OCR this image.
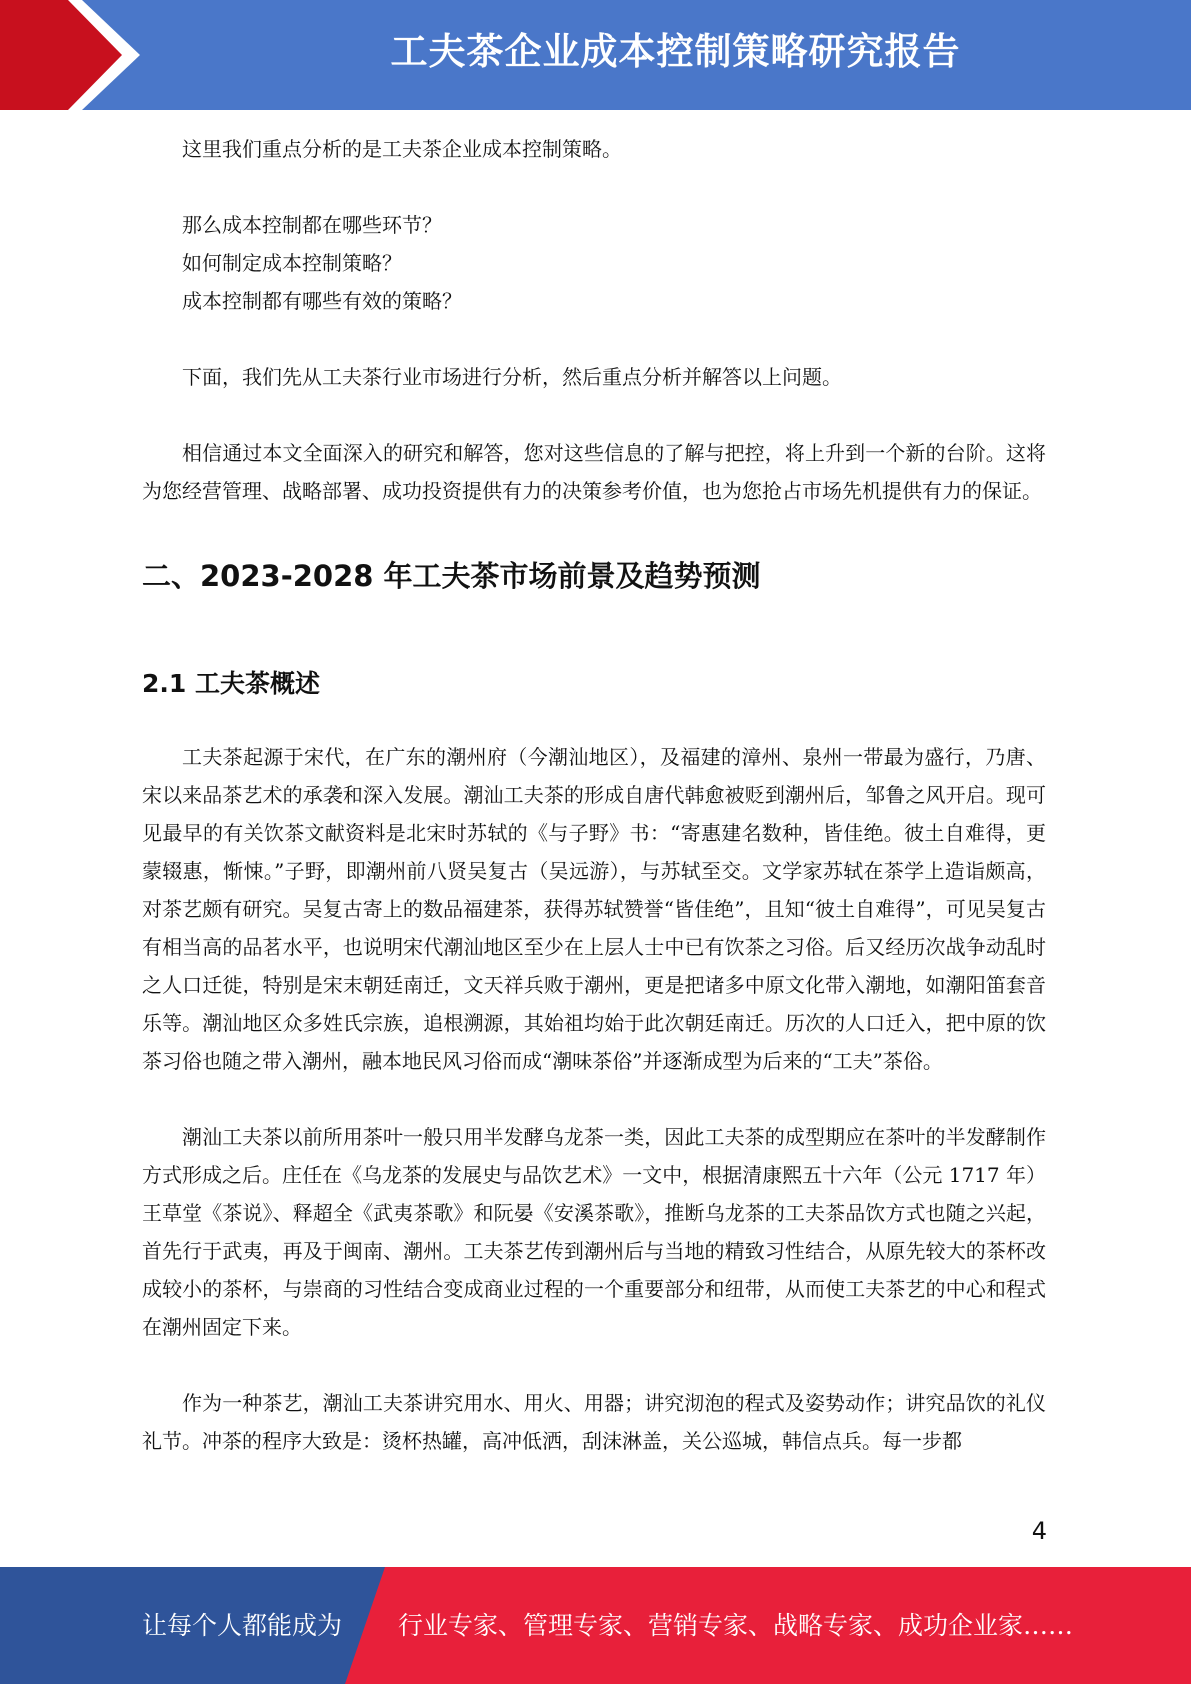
工夫茶企业成本控制策略研究报告

这里我们重点分析的是工夫茶企业成本控制策略。

那么成本控制都在哪些环节？

如何制定成本控制策略？

成本控制都有哪些有效的策略？

下面，我们先从工夫茶行业市场进行分析，然后重点分析并解答以上问题。

相信通过本文全面深入的研究和解答，您对这些信息的了解与把控，将上升到一个新的台阶。这将为您经营管理、战略部署、成功投资提供有力的决策参考价值，也为您抢占市场先机提供有力的保证。

二、2023-2028 年工夫茶市场前景及趋势预测
2.1 工夫茶概述

工夫茶起源于宋代，在广东的潮州府（今潮汕地区），及福建的漳州、泉州一带最为盛行，乃唐、宋以来品茶艺术的承袭和深入发展。潮汕工夫茶的形成自唐代韩愈被贬到潮州后，邹鲁之风开启。现可见最早的有关饮茶文献资料是北宋时苏轼的《与子野》书：“寄惠建名数种，皆佳绝。彼土自难得，更蒙辍惠，惭悚。”子野，即潮州前八贤吴复古（吴远游），与苏轼至交。文学家苏轼在茶学上造诣颇高，对茶艺颇有研究。吴复古寄上的数品福建茶，获得苏轼赞誉“皆佳绝”，且知“彼土自难得”，可见吴复古有相当高的品茗水平，也说明宋代潮汕地区至少在上层人士中已有饮茶之习俗。后又经历次战争动乱时之人口迁徙，特别是宋末朝廷南迁，文天祥兵败于潮州，更是把诸多中原文化带入潮地，如潮阳笛套音乐等。潮汕地区众多姓氏宗族，追根溯源，其始祖均始于此次朝廷南迁。历次的人口迁入，把中原的饮茶习俗也随之带入潮州，融本地民风习俗而成“潮味茶俗”并逐渐成型为后来的“工夫”茶俗。

潮汕工夫茶以前所用茶叶一般只用半发酵乌龙茶一类，因此工夫茶的成型期应在茶叶的半发酵制作方式形成之后。庄任在《乌龙茶的发展史与品饮艺术》一文中，根据清康熙五十六年（公元 1717 年）王草堂《茶说》、释超全《武夷茶歌》和阮晏《安溪茶歌》，推断乌龙茶的工夫茶品饮方式也随之兴起，首先行于武夷，再及于闽南、潮州。工夫茶艺传到潮州后与当地的精致习性结合，从原先较大的茶杯改成较小的茶杯，与崇商的习性结合变成商业过程的一个重要部分和纽带，从而使工夫茶艺的中心和程式在潮州固定下来。

作为一种茶艺，潮汕工夫茶讲究用水、用火、用器；讲究沏泡的程式及姿势动作；讲究品饮的礼仪礼节。冲茶的程序大致是：烫杯热罐，高冲低洒，刮沫淋盖，关公巡城，韩信点兵。每一步都

4
让每个人都能成为 行业专家、管理专家、营销专家、战略专家、成功企业家……
